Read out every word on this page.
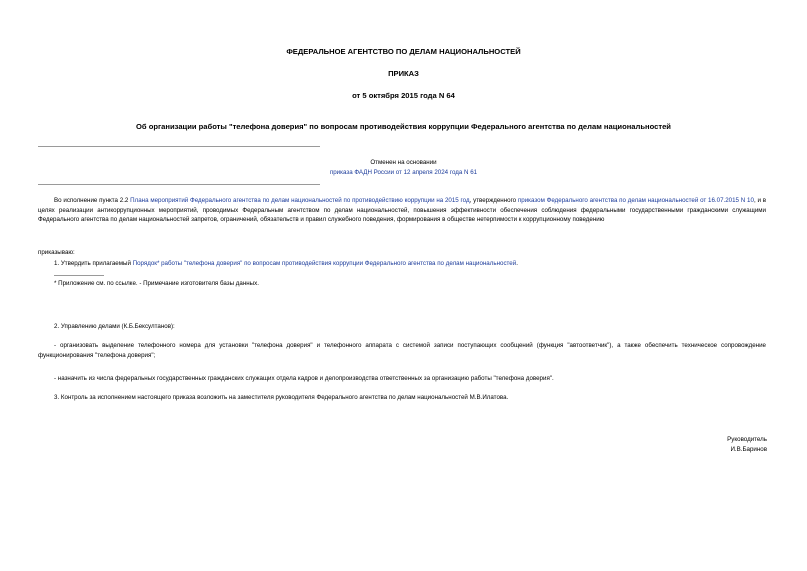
ФЕДЕРАЛЬНОЕ АГЕНТСТВО ПО ДЕЛАМ НАЦИОНАЛЬНОСТЕЙ
ПРИКАЗ
от 5 октября 2015 года N 64
Об организации работы "телефона доверия" по вопросам противодействия коррупции Федерального агентства по делам национальностей
Отменен на основании
приказа ФАДН России от 12 апреля 2024 года N 61
Во исполнение пункта 2.2 Плана мероприятий Федерального агентства по делам национальностей по противодействию коррупции на 2015 год, утвержденного приказом Федерального агентства по делам национальностей от 16.07.2015 N 10, и в целях реализации антикоррупционных мероприятий, проводимых Федеральным агентством по делам национальностей, повышения эффективности обеспечения соблюдения федеральными государственными гражданскими служащими Федерального агентства по делам национальностей запретов, ограничений, обязательств и правил служебного поведения, формирования в обществе нетерпимости к коррупционному поведению
приказываю:
1. Утвердить прилагаемый Порядок* работы "телефона доверия" по вопросам противодействия коррупции Федерального агентства по делам национальностей.
* Приложение см. по ссылке. - Примечание изготовителя базы данных.
2. Управлению делами (К.Б.Бексултанов):
- организовать выделение телефонного номера для установки "телефона доверия" и телефонного аппарата с системой записи поступающих сообщений (функция "автоответчик"), а также обеспечить техническое сопровождение функционирования "телефона доверия";
- назначить из числа федеральных государственных гражданских служащих отдела кадров и делопроизводства ответственных за организацию работы "телефона доверия".
3. Контроль за исполнением настоящего приказа возложить на заместителя руководителя Федерального агентства по делам национальностей М.В.Илатова.
Руководитель
И.В.Баринов
